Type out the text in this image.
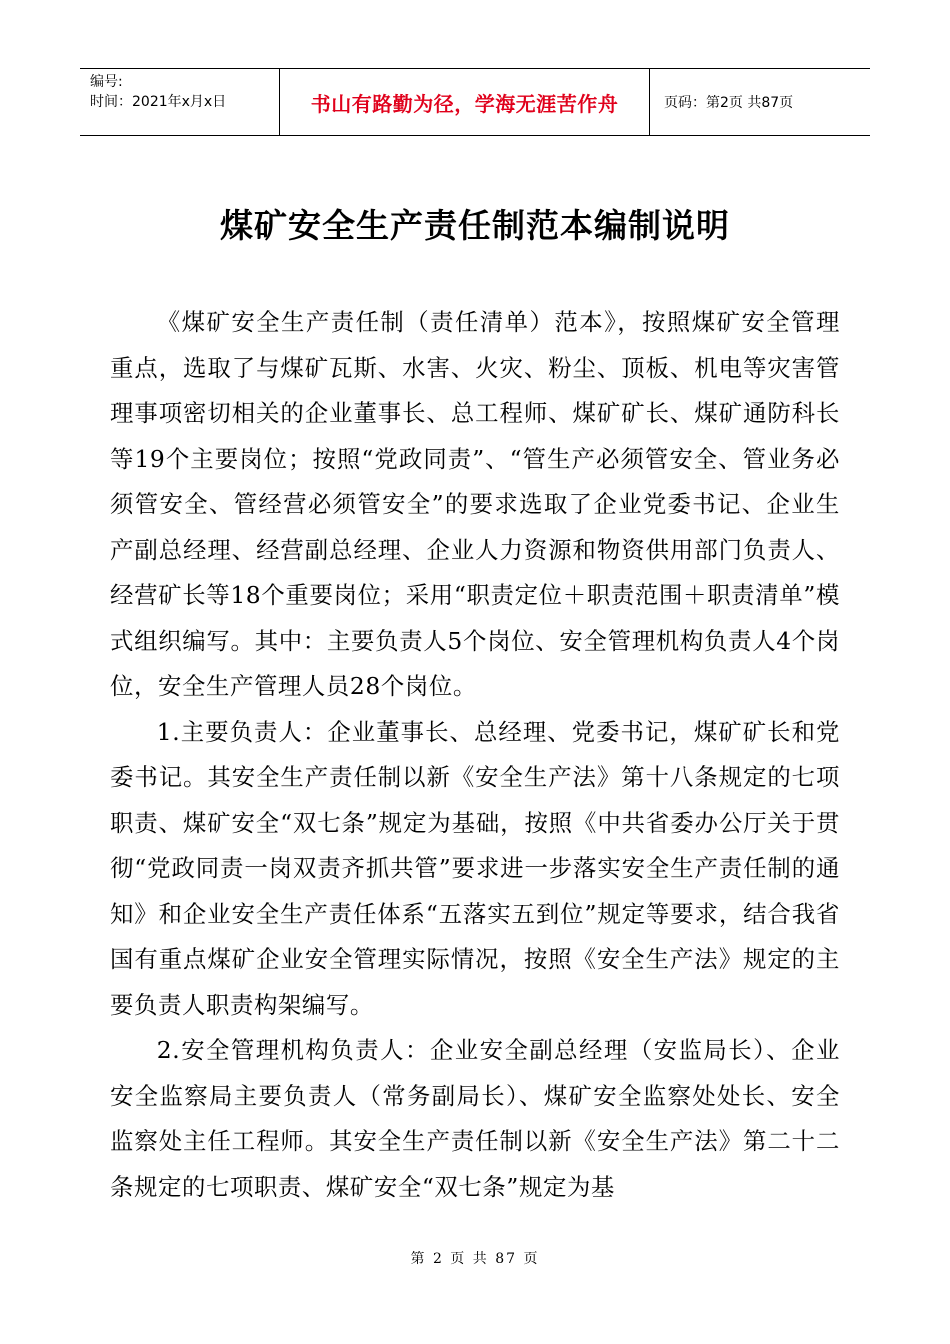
编号:
时间：2021年x月x日	书山有路勤为径，学海无涯苦作舟	页码：第2页 共87页
煤矿安全生产责任制范本编制说明

《煤矿安全生产责任制（责任清单）范本》，按照煤矿安全管理重点，选取了与煤矿瓦斯、水害、火灾、粉尘、顶板、机电等灾害管理事项密切相关的企业董事长、总工程师、煤矿矿长、煤矿通防科长等19个主要岗位；按照“党政同责”、“管生产必须管安全、管业务必须管安全、管经营必须管安全”的要求选取了企业党委书记、企业生产副总经理、经营副总经理、企业人力资源和物资供用部门负责人、经营矿长等18个重要岗位；采用“职责定位＋职责范围＋职责清单”模式组织编写。其中：主要负责人5个岗位、安全管理机构负责人4个岗位，安全生产管理人员28个岗位。

1.主要负责人：企业董事长、总经理、党委书记，煤矿矿长和党委书记。其安全生产责任制以新《安全生产法》第十八条规定的七项职责、煤矿安全“双七条”规定为基础，按照《中共省委办公厅关于贯彻“党政同责一岗双责齐抓共管”要求进一步落实安全生产责任制的通知》和企业安全生产责任体系“五落实五到位”规定等要求，结合我省国有重点煤矿企业安全管理实际情况，按照《安全生产法》规定的主要负责人职责构架编写。

2.安全管理机构负责人：企业安全副总经理（安监局长）、企业安全监察局主要负责人（常务副局长）、煤矿安全监察处处长、安全监察处主任工程师。其安全生产责任制以新《安全生产法》第二十二条规定的七项职责、煤矿安全“双七条”规定为基

第 2 页 共 87 页
